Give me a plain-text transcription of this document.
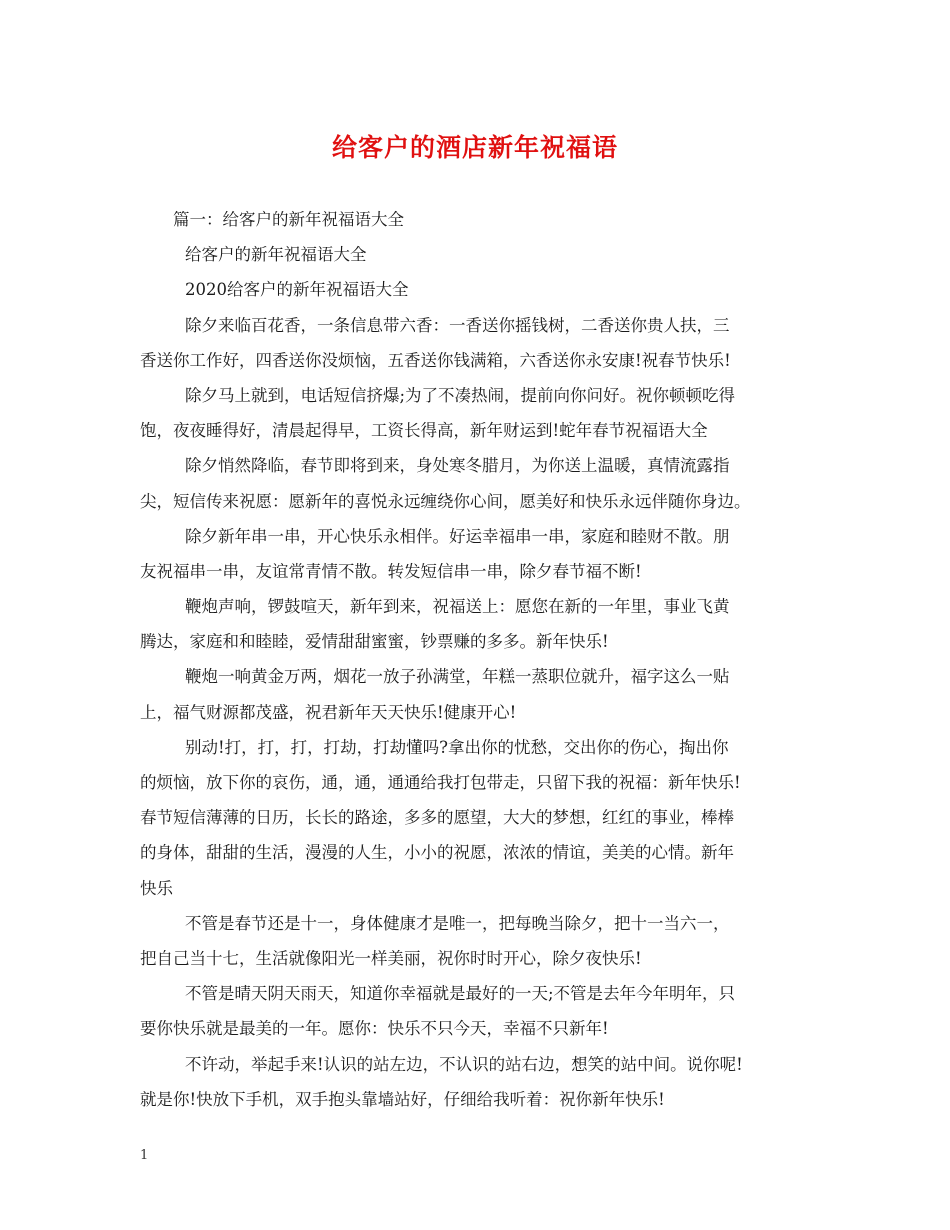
给客户的酒店新年祝福语
篇一：给客户的新年祝福语大全
给客户的新年祝福语大全
2020给客户的新年祝福语大全
除夕来临百花香，一条信息带六香：一香送你摇钱树，二香送你贵人扶，三
香送你工作好，四香送你没烦恼，五香送你钱满箱，六香送你永安康!祝春节快乐!
除夕马上就到，电话短信挤爆;为了不凑热闹，提前向你问好。祝你顿顿吃得
饱，夜夜睡得好，清晨起得早，工资长得高，新年财运到!蛇年春节祝福语大全
除夕悄然降临，春节即将到来，身处寒冬腊月，为你送上温暖，真情流露指
尖，短信传来祝愿：愿新年的喜悦永远缠绕你心间，愿美好和快乐永远伴随你身边。
除夕新年串一串，开心快乐永相伴。好运幸福串一串，家庭和睦财不散。朋
友祝福串一串，友谊常青情不散。转发短信串一串，除夕春节福不断!
鞭炮声响，锣鼓喧天，新年到来，祝福送上：愿您在新的一年里，事业飞黄
腾达，家庭和和睦睦，爱情甜甜蜜蜜，钞票赚的多多。新年快乐!
鞭炮一响黄金万两，烟花一放子孙满堂，年糕一蒸职位就升，福字这么一贴
上，福气财源都茂盛，祝君新年天天快乐!健康开心!
别动!打，打，打，打劫，打劫懂吗?拿出你的忧愁，交出你的伤心，掏出你
的烦恼，放下你的哀伤，通，通，通通给我打包带走，只留下我的祝福：新年快乐!
春节短信薄薄的日历，长长的路途，多多的愿望，大大的梦想，红红的事业，棒棒
的身体，甜甜的生活，漫漫的人生，小小的祝愿，浓浓的情谊，美美的心情。新年
快乐
不管是春节还是十一，身体健康才是唯一，把每晚当除夕，把十一当六一，
把自己当十七，生活就像阳光一样美丽，祝你时时开心，除夕夜快乐!
不管是晴天阴天雨天，知道你幸福就是最好的一天;不管是去年今年明年，只
要你快乐就是最美的一年。愿你：快乐不只今天，幸福不只新年!
不许动，举起手来!认识的站左边，不认识的站右边，想笑的站中间。说你呢!
就是你!快放下手机，双手抱头靠墙站好，仔细给我听着：祝你新年快乐!
1
